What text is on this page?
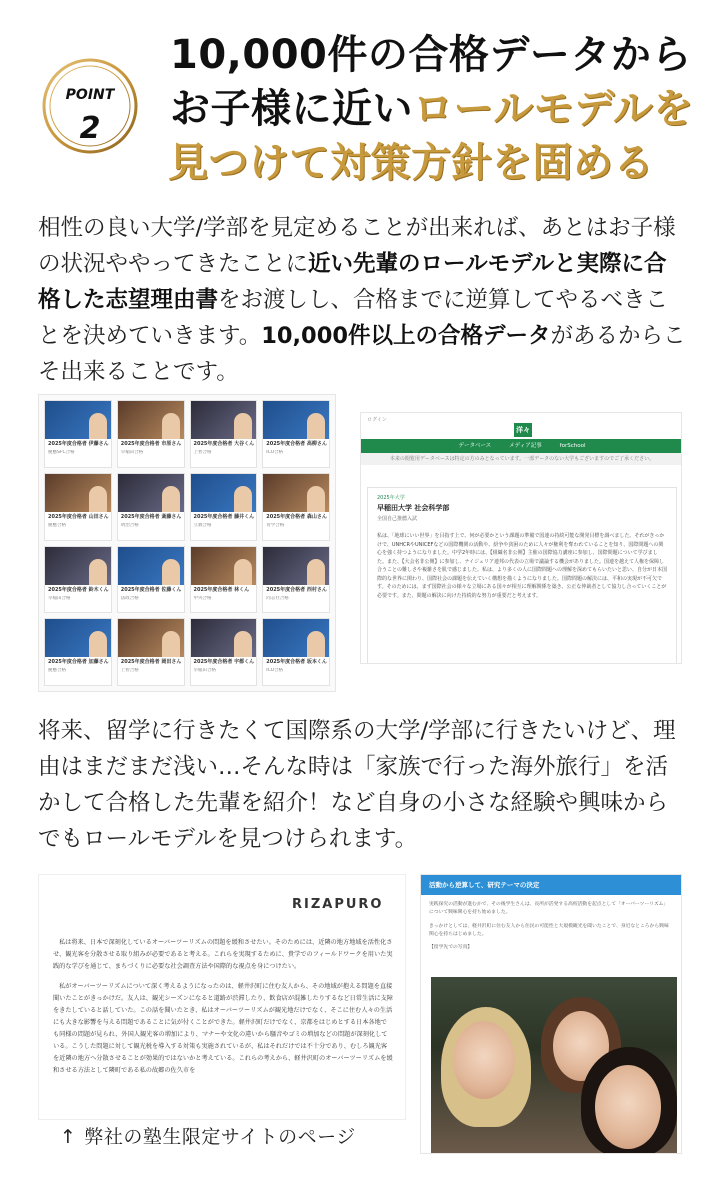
POINT
2
10,000件の合格データから
お子様に近いロールモデルを
見つけて対策方針を固める
相性の良い大学/学部を見定めることが出来れば、あとはお子様の状況ややってきたことに近い先輩のロールモデルと実際に合格した志望理由書をお渡しし、合格までに逆算してやるべきことを決めていきます。10,000件以上の合格データがあるからこそ出来ることです。
2025年度合格者 伊藤さん
慶應SFC合格
2025年度合格者 市原さん
早稲田合格
2025年度合格者 大谷くん
上智合格
2025年度合格者 高柳さん
ICU合格
2025年度合格者 山田さん
慶應合格
2025年度合格者 斎藤さん
明治合格
2025年度合格者 藤井くん
立教合格
2025年度合格者 森山さん
青学合格
2025年度合格者 鈴木くん
早稲田合格
2025年度合格者 佐藤くん
法政合格
2025年度合格者 林くん
中央合格
2025年度合格者 西村さん
同志社合格
2025年度合格者 加藤さん
慶應合格
2025年度合格者 岡田さん
上智合格
2025年度合格者 宇都くん
早稲田合格
2025年度合格者 坂本くん
ICU合格
ログイン
洋々
データベース	メディア記事	forSchool
本来の閲覧用データベースは特定の方のみとなっています。一部データのない大学もございますのでご了承ください。
2025年大学
早稲田大学 社会科学部
全国自己推薦入試
私は、「地球にいい世界」を目指す上で、何が必要かという課題の準備で国連の持続可能な開発目標を調べました。それがきっかけで、UNHCRやUNICEFなどの国際機関の活動や、紛争や貧困のために人々が権利を奪われていることを知り、国際問題への関心を強く持つようになりました。中学2年時には、【組織名非公開】主催の国際協力講座に参加し、国際問題について学びました。また、【大会名非公開】に参加し、ナイジェリア連邦の代表の立場で議論する機会がありました。国連を越えて人権を保障し合うことの難しさや複雑さを肌で感じました。私は、より多くの人に国際問題への理解を深めてもらいたいと思い、自分が日本国際的な世界に関わり、国際社会の課題を伝えていく構想を描くようになりました。国際問題の解決には、平和の実現が不可欠です。そのためには、まず国際社会の様々な立場にある国々が相互に理解関係を築き、公正な仲裁者として協力し合っていくことが必要です。また、問題の解決に向けた持続的な努力が重要だと考えます。
将来、留学に行きたくて国際系の大学/学部に行きたいけど、理由はまだまだ浅い…そんな時は「家族で行った海外旅行」を活かして合格した先輩を紹介！など自身の小さな経験や興味からでもロールモデルを見つけられます。
RIZAPURO

私は将来、日本で深刻化しているオーバーツーリズムの問題を緩和させたい。そのためには、近隣の地方地域を活性化させ、観光客を分散させる取り組みが必要であると考える。これらを実現するために、貴学でのフィールドワークを用いた実践的な学びを通じて、まちづくりに必要な社会調査方法や国際的な視点を身につけたい。

私がオーバーツーリズムについて深く考えるようになったのは、軽井沢町に住む友人から、その地域が抱える問題を直接聞いたことがきっかけだ。友人は、観光シーズンになると道路が渋滞したり、飲食店が混雑したりするなど日常生活に支障をきたしていると話していた。この話を聞いたとき、私はオーバーツーリズムが観光地だけでなく、そこに住む人々の生活にも大きな影響を与える問題であることに気が付くことができた。軽井沢町だけでなく、京都をはじめとする日本各地でも同様の問題が見られ、外国人観光客の増加により、マナーや文化の違いから騒音やゴミの増加などの問題が深刻化している。こうした問題に対して観光税を導入する対策も実施されているが、私はそれだけでは不十分であり、むしろ観光客を近隣の地方へ分散させることが効果的ではないかと考えている。これらの考えから、軽井沢町のオーバーツーリズムを緩和させる方法として隣町である私の故郷の佐久市を

活動から逆算して、研究テーマの決定
実践探究の活動が進むかで、その後学生さんは、長所が活発する高校活動を起点として「オーバーツーリズム」について興味関心を持ち始めました。
きっかけとしては、軽井沢町に住む友人から住民の可能性と大規模観光を聞いたことで、身近なところから興味関心を持ちはじめました。
【留学先での写真】
↑ 弊社の塾生限定サイトのページ
